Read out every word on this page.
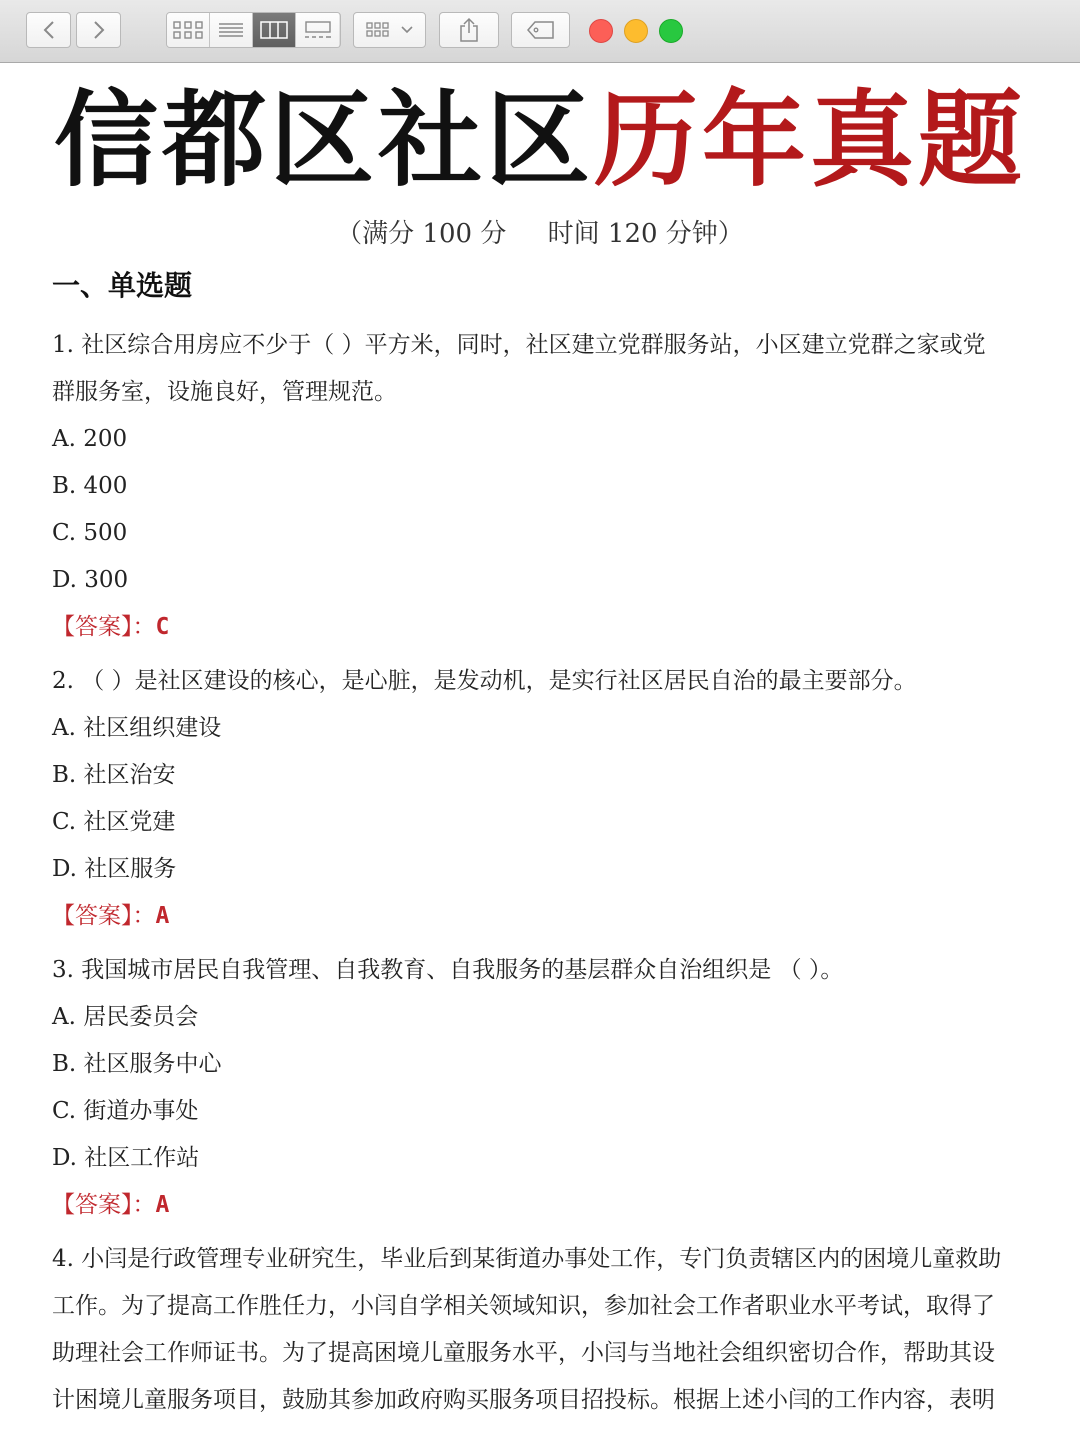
信都区社区历年真题
（满分 100 分     时间 120 分钟）
一、单选题
1. 社区综合用房应不少于（ ）平方米，同时，社区建立党群服务站，小区建立党群之家或党
群服务室，设施良好，管理规范。
A. 200
B. 400
C. 500
D. 300
【答案】：C
2. （ ）是社区建设的核心，是心脏，是发动机，是实行社区居民自治的最主要部分。
A. 社区组织建设
B. 社区治安
C. 社区党建
D. 社区服务
【答案】：A
3. 我国城市居民自我管理、自我教育、自我服务的基层群众自治组织是 （ ）。
A. 居民委员会
B. 社区服务中心
C. 街道办事处
D. 社区工作站
【答案】：A
4. 小闫是行政管理专业研究生，毕业后到某街道办事处工作，专门负责辖区内的困境儿童救助
工作。为了提高工作胜任力，小闫自学相关领域知识，参加社会工作者职业水平考试，取得了
助理社会工作师证书。为了提高困境儿童服务水平，小闫与当地社会组织密切合作，帮助其设
计困境儿童服务项目，鼓励其参加政府购买服务项目招投标。根据上述小闫的工作内容，表明
